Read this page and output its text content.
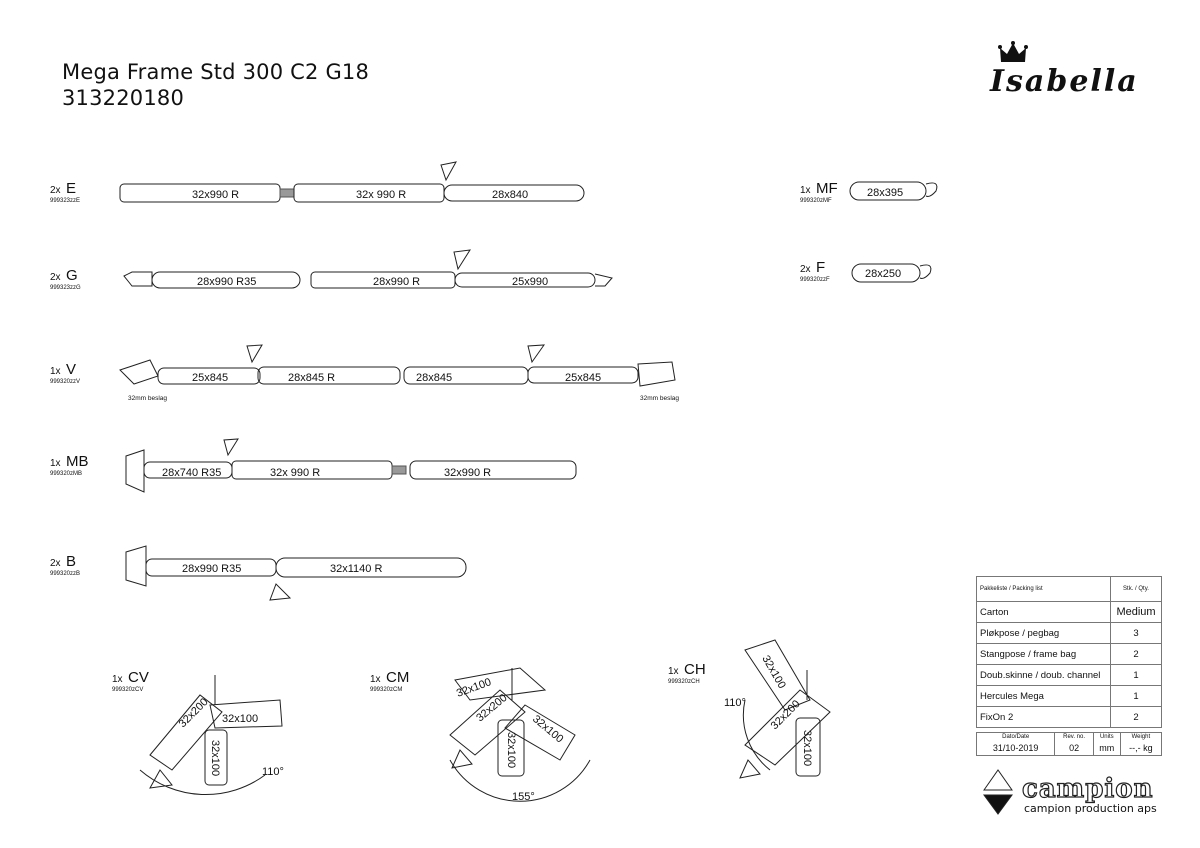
Mega Frame Std 300 C2 G18
313220180	Isabella
2x E
999323zzE	32x990 R	32x 990 R	28x840
2x G
999323zzG	28x990 R35	28x990 R	25x990
1x V
999320zzV	25x845	28x845 R	28x845	25x845
32mm beslag	32mm beslag
1x MB
999320zMB	28x740 R35	32x 990 R	32x990 R
2x B
999320zzB	28x990 R35	32x1140 R
1x MF
999320zMF
28x395
2x F
999320zzF	28x250
1x CV
999320zCV
32x200 32x100
32x100	110°
1x CM
999320zCM	32x100
32x200
32x100
32x100
155°
1x CH
999320zCH	32x100
32x200
32x100
110°
Pakkeliste / Packing list	Stk. / Qty.
Carton	Medium
Pløkpose / pegbag	3
Stangpose / frame bag	2
Doub.skinne / doub. channel	1
Hercules Mega	1
FixOn 2	2
Dato/Date	Rev. no.	Units	Weight
31/10-2019	02	mm	--,- kg
campion
campion production aps
